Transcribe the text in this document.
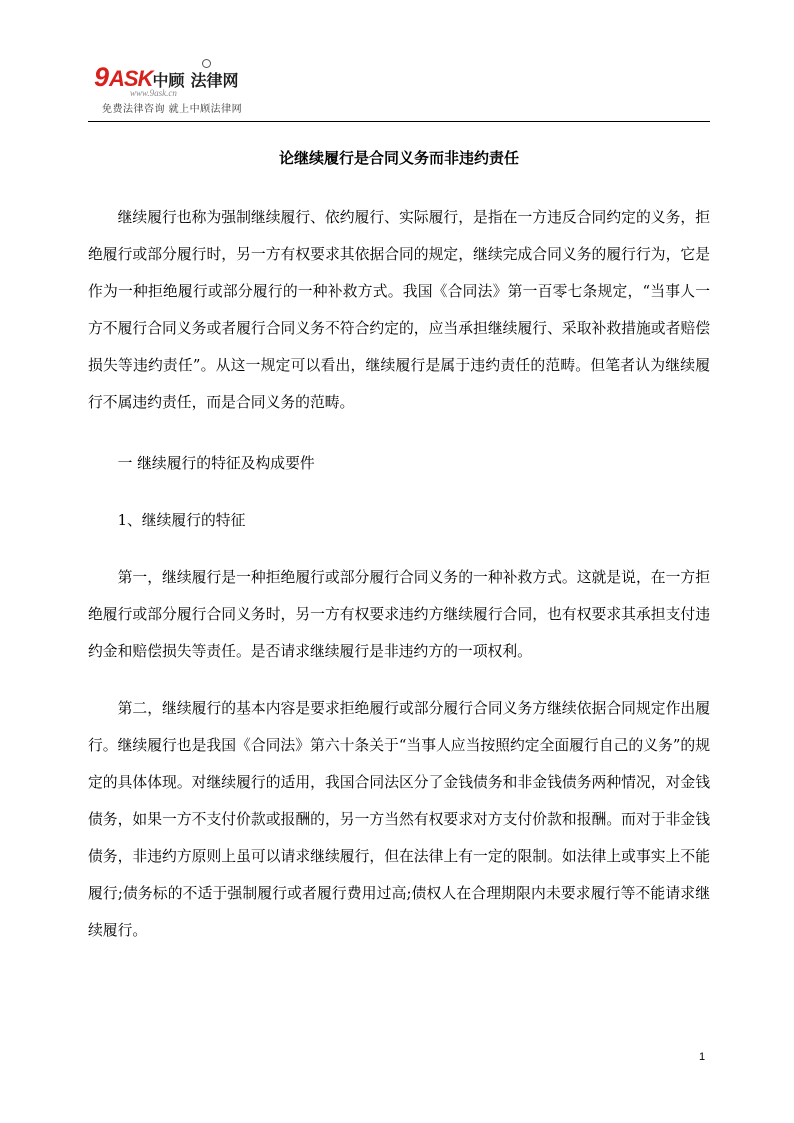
9ASK中顾 法律网
www.9ask.cn
免费法律咨询 就上中顾法律网
论继续履行是合同义务而非违约责任

继续履行也称为强制继续履行、依约履行、实际履行，是指在一方违反合同约定的义务，拒绝履行或部分履行时，另一方有权要求其依据合同的规定，继续完成合同义务的履行行为，它是作为一种拒绝履行或部分履行的一种补救方式。我国《合同法》第一百零七条规定，“当事人一方不履行合同义务或者履行合同义务不符合约定的，应当承担继续履行、采取补救措施或者赔偿损失等违约责任”。从这一规定可以看出，继续履行是属于违约责任的范畴。但笔者认为继续履行不属违约责任，而是合同义务的范畴。

一 继续履行的特征及构成要件

1、继续履行的特征

第一，继续履行是一种拒绝履行或部分履行合同义务的一种补救方式。这就是说，在一方拒绝履行或部分履行合同义务时，另一方有权要求违约方继续履行合同，也有权要求其承担支付违约金和赔偿损失等责任。是否请求继续履行是非违约方的一项权利。

第二，继续履行的基本内容是要求拒绝履行或部分履行合同义务方继续依据合同规定作出履行。继续履行也是我国《合同法》第六十条关于“当事人应当按照约定全面履行自己的义务”的规定的具体体现。对继续履行的适用，我国合同法区分了金钱债务和非金钱债务两种情况，对金钱债务，如果一方不支付价款或报酬的，另一方当然有权要求对方支付价款和报酬。而对于非金钱债务，非违约方原则上虽可以请求继续履行，但在法律上有一定的限制。如法律上或事实上不能履行;债务标的不适于强制履行或者履行费用过高;债权人在合理期限内未要求履行等不能请求继续履行。

1
